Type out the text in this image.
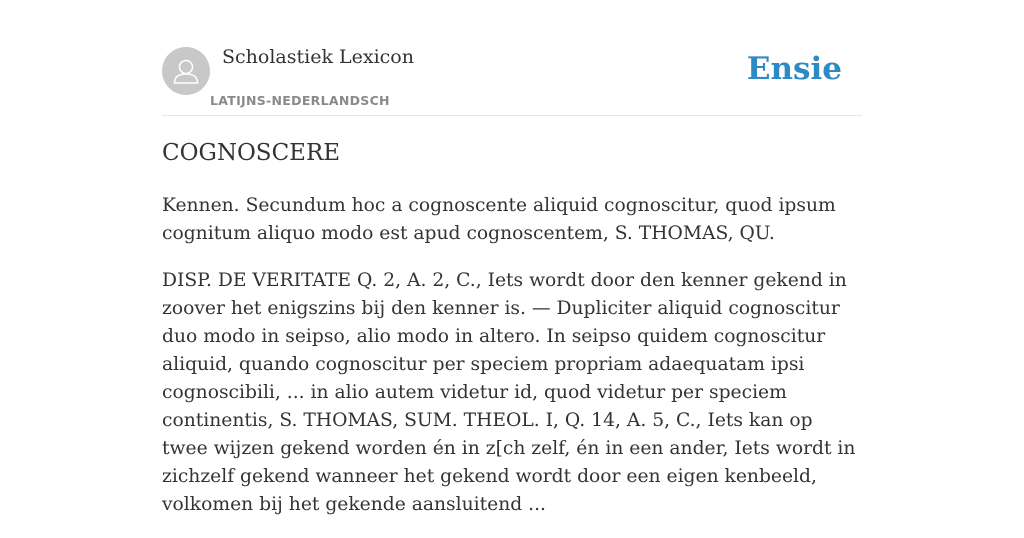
Scholastiek Lexicon
LATIJNS-NEDERLANDSCH
Ensie
COGNOSCERE

Kennen. Secundum hoc a cognoscente aliquid cognoscitur, quod ipsum cognitum aliquo modo est apud cognoscentem, S. THOMAS, QU.

DISP. DE VERITATE Q. 2, A. 2, C., Iets wordt door den kenner gekend in zoover het enigszins bij den kenner is. — Dupliciter aliquid cognoscitur duo modo in seipso, alio modo in altero. In seipso quidem cognoscitur aliquid, quando cognoscitur per speciem propriam adaequatam ipsi cognoscibili, ... in alio autem videtur id, quod videtur per speciem continentis, S. THOMAS, SUM. THEOL. I, Q. 14, A. 5, C., Iets kan op twee wijzen gekend worden én in z[ch zelf, én in een ander, Iets wordt in zichzelf gekend wanneer het gekend wordt door een eigen kenbeeld, volkomen bij het gekende aansluitend ...
